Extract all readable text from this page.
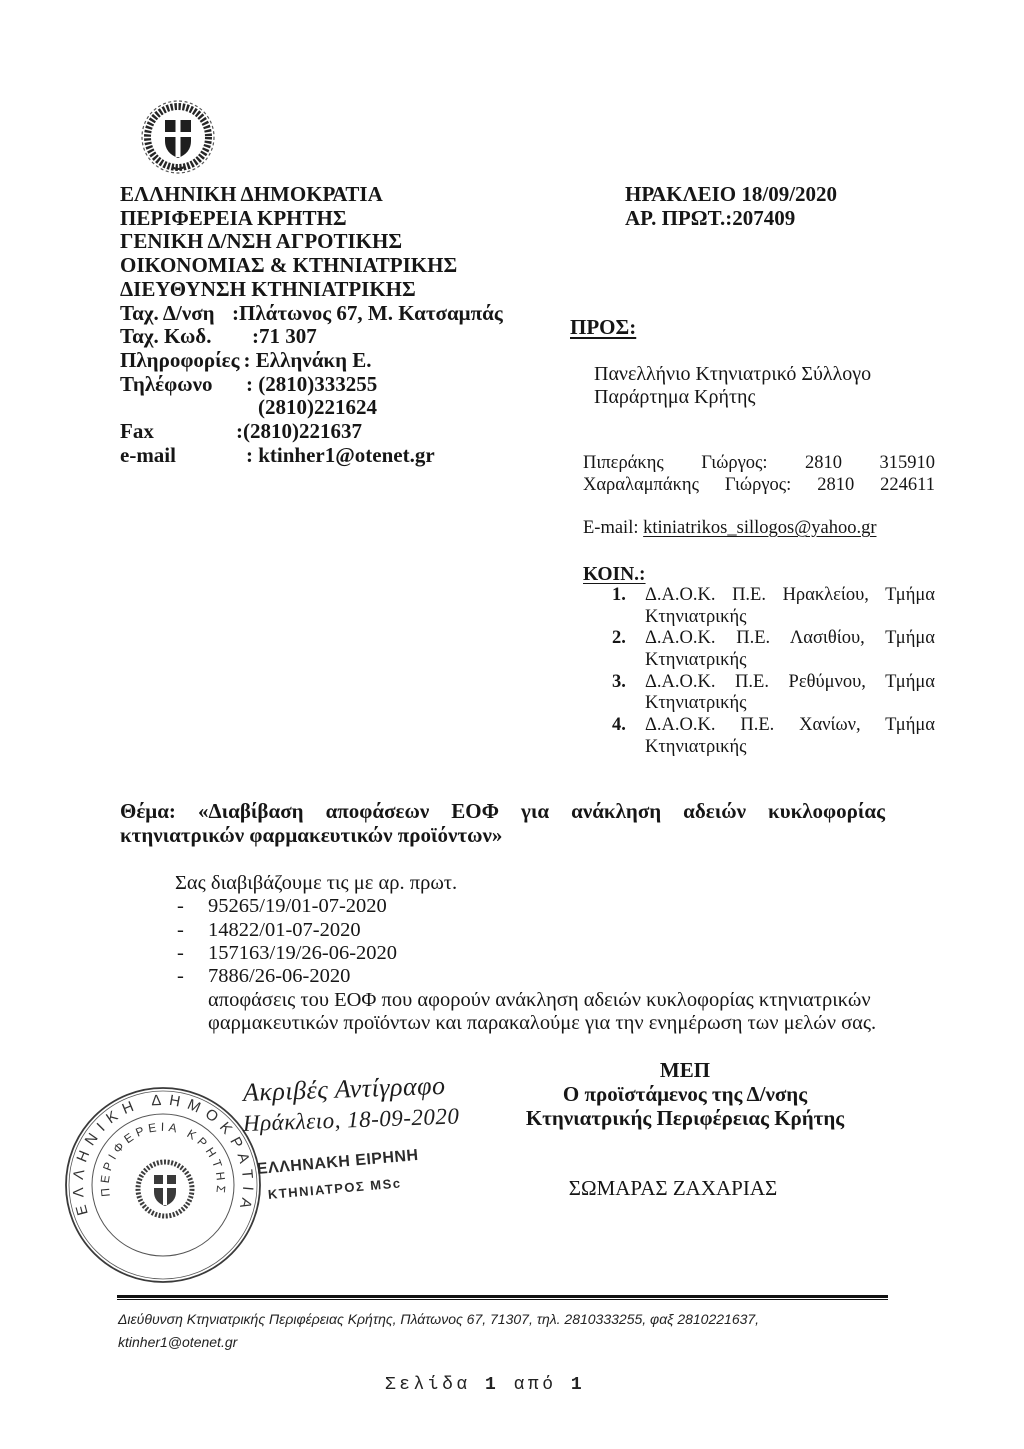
ΕΛΛΗΝΙΚΗ ΔΗΜΟΚΡΑΤΙΑ
ΠΕΡΙΦΕΡΕΙΑ ΚΡΗΤΗΣ
ΓΕΝΙΚΗ Δ/ΝΣΗ ΑΓΡΟΤΙΚΗΣ
ΟΙΚΟΝΟΜΙΑΣ & ΚΤΗΝΙΑΤΡΙΚΗΣ
ΔΙΕΥΘΥΝΣΗ ΚΤΗΝΙΑΤΡΙΚΗΣ
Ταχ. Δ/νση :Πλάτωνος 67, Μ. Κατσαμπάς
Ταχ. Κωδ. :71 307
Πληροφορίες : Ελληνάκη Ε.
Τηλέφωνο : (2810)333255
(2810)221624
Fax	:(2810)221637
e-mail	: ktinher1@otenet.gr
ΗΡΑΚΛΕΙΟ 18/09/2020
ΑΡ. ΠΡΩΤ.:207409
ΠΡΟΣ:
Πανελλήνιο Κτηνιατρικό Σύλλογο
Παράρτημα Κρήτης
Πιπεράκης Γιώργος: 2810 315910
Χαραλαμπάκης Γιώργος: 2810 224611
E-mail: ktiniatrikos_sillogos@yahoo.gr
ΚΟΙΝ.:
1. Δ.Α.Ο.Κ. Π.Ε. Ηρακλείου, Τμήμα
Κτηνιατρικής
2. Δ.Α.Ο.Κ. Π.Ε. Λασιθίου, Τμήμα
Κτηνιατρικής
3. Δ.Α.Ο.Κ. Π.Ε. Ρεθύμνου, Τμήμα
Κτηνιατρικής
4. Δ.Α.Ο.Κ. Π.Ε. Χανίων, Τμήμα
Κτηνιατρικής
Θέμα: «Διαβίβαση αποφάσεων ΕΟΦ για ανάκληση αδειών κυκλοφορίας
κτηνιατρικών φαρμακευτικών προϊόντων»
Σας διαβιβάζουμε τις με αρ. πρωτ.
- 95265/19/01-07-2020
- 14822/01-07-2020
- 157163/19/26-06-2020
- 7886/26-06-2020
αποφάσεις του ΕΟΦ που αφορούν ανάκληση αδειών κυκλοφορίας κτηνιατρικών
φαρμακευτικών προϊόντων και παρακαλούμε για την ενημέρωση των μελών σας.
ΜΕΠ
Ο προϊστάμενος της Δ/νσης
Κτηνιατρικής Περιφέρειας Κρήτης
ΣΩΜΑΡΑΣ ΖΑΧΑΡΙΑΣ
ΕΛΛΗΝΙΚΗ ΔΗΜΟΚΡΑΤΙΑ
ΠΕΡΙΦΕΡΕΙΑ ΚΡΗΤΗΣ
Ακριβές Αντίγραφο
Ηράκλειο, 18-09-2020
ΕΛΛΗΝΑΚΗ ΕΙΡΗΝΗ
ΚΤΗΝΙΑΤΡΟΣ MSc
Διεύθυνση Κτηνιατρικής Περιφέρειας Κρήτης, Πλάτωνος 67, 71307, τηλ. 2810333255, φαξ 2810221637,
ktinher1@otenet.gr
Σελίδα 1 από 1
